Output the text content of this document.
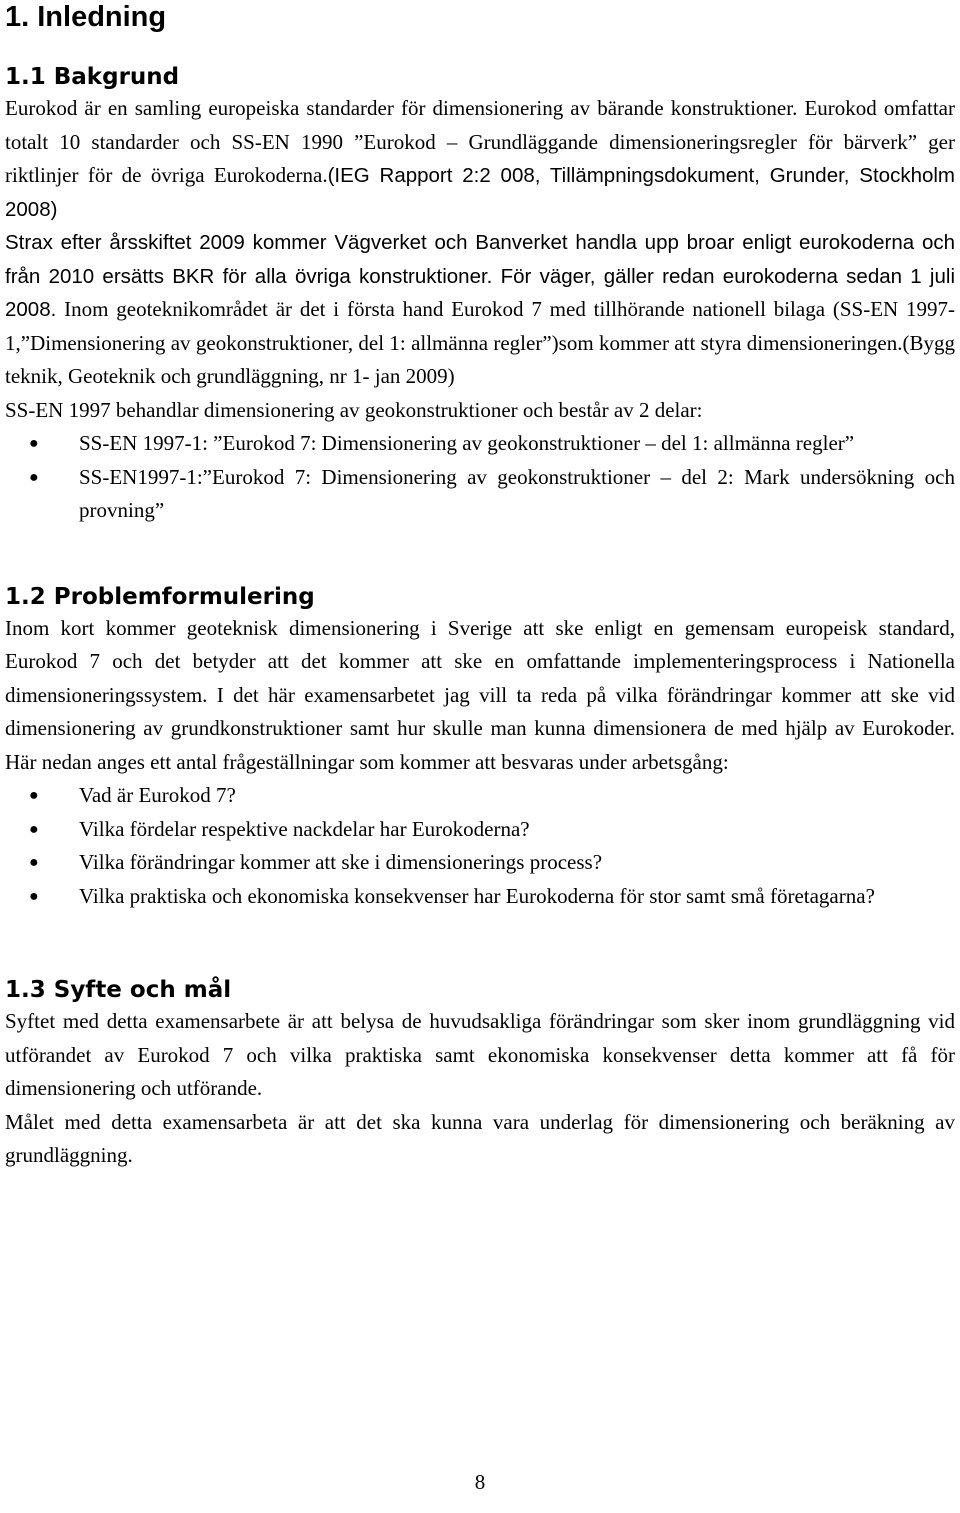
1. Inledning
1.1 Bakgrund

Eurokod är en samling europeiska standarder för dimensionering av bärande konstruktioner. Eurokod omfattar totalt 10 standarder och SS-EN 1990 ”Eurokod – Grundläggande dimensioneringsregler för bärverk” ger riktlinjer för de övriga Eurokoderna.(IEG Rapport 2:2 008, Tillämpningsdokument, Grunder, Stockholm 2008)

Strax efter årsskiftet 2009 kommer Vägverket och Banverket handla upp broar enligt eurokoderna och från 2010 ersätts BKR för alla övriga konstruktioner. För väger, gäller redan eurokoderna sedan 1 juli 2008. Inom geoteknikområdet är det i första hand Eurokod 7 med tillhörande nationell bilaga (SS-EN 1997-1,”Dimensionering av geokonstruktioner, del 1: allmänna regler”)som kommer att styra dimensioneringen.(Bygg teknik, Geoteknik och grundläggning, nr 1- jan 2009)

SS-EN 1997 behandlar dimensionering av geokonstruktioner och består av 2 delar:

● SS-EN 1997-1: ”Eurokod 7: Dimensionering av geokonstruktioner – del 1: allmänna regler”
● SS-EN1997-1:”Eurokod 7: Dimensionering av geokonstruktioner – del 2: Mark undersökning och provning”
1.2 Problemformulering

Inom kort kommer geoteknisk dimensionering i Sverige att ske enligt en gemensam europeisk standard, Eurokod 7 och det betyder att det kommer att ske en omfattande implementeringsprocess i Nationella dimensioneringssystem. I det här examensarbetet jag vill ta reda på vilka förändringar kommer att ske vid dimensionering av grundkonstruktioner samt hur skulle man kunna dimensionera de med hjälp av Eurokoder. Här nedan anges ett antal frågeställningar som kommer att besvaras under arbetsgång:

● Vad är Eurokod 7?
● Vilka fördelar respektive nackdelar har Eurokoderna?
● Vilka förändringar kommer att ske i dimensionerings process?
● Vilka praktiska och ekonomiska konsekvenser har Eurokoderna för stor samt små företagarna?
1.3 Syfte och mål

Syftet med detta examensarbete är att belysa de huvudsakliga förändringar som sker inom grundläggning vid utförandet av Eurokod 7 och vilka praktiska samt ekonomiska konsekvenser detta kommer att få för dimensionering och utförande.

Målet med detta examensarbeta är att det ska kunna vara underlag för dimensionering och beräkning av grundläggning.

8
